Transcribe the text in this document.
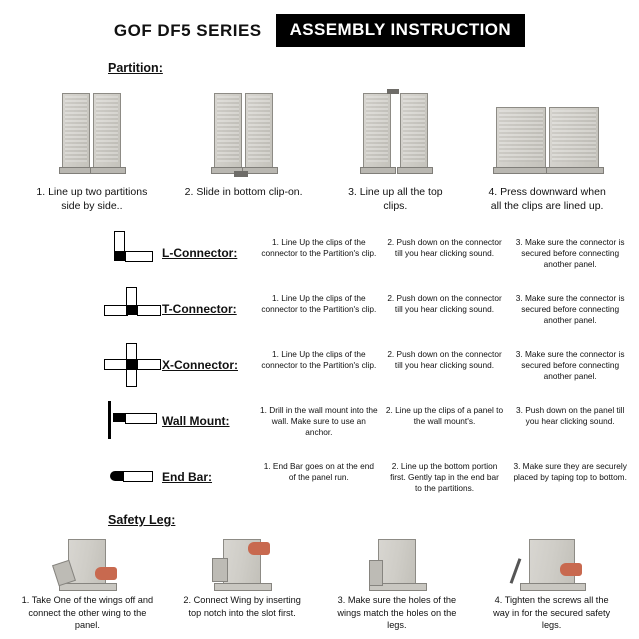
GOF DF5 SERIES	ASSEMBLY INSTRUCTION
Partition:
1. Line up two partitions side by side..
2. Slide in bottom clip-on.	3. Line up all the top clips.
4. Press downward when all the clips are lined up.
L-Connector:
1. Line Up the clips of the connector to the Partition's clip.
2. Push down on the connector till you hear clicking sound.
3. Make sure the connector is secured before connecting another panel.
T-Connector:
1. Line Up the clips of the connector to the Partition's clip.
2. Push down on the connector till you hear clicking sound.
3. Make sure the connector is secured before connecting another panel.
X-Connector:
1. Line Up the clips of the connector to the Partition's clip.
2. Push down on the connector till you hear clicking sound.
3. Make sure the connector is secured before connecting another panel.
Wall Mount:
1. Drill in the wall mount into the wall. Make sure to use an anchor.
2. Line up the clips of a panel to the wall mount's.
3. Push down on the panel till you hear clicking sound.
End Bar:
1. End Bar goes on at the end of the panel run.
2. Line up the bottom portion first. Gently tap in the end bar to the partitions.
3. Make sure they are securely placed by taping top to bottom.
Safety Leg:
1. Take One of the wings off and connect the other wing to the panel.
2. Connect Wing by inserting top notch into the slot first.
3. Make sure the holes of the wings match the holes on the legs.
4. Tighten the screws all the way in for the secured safety legs.
